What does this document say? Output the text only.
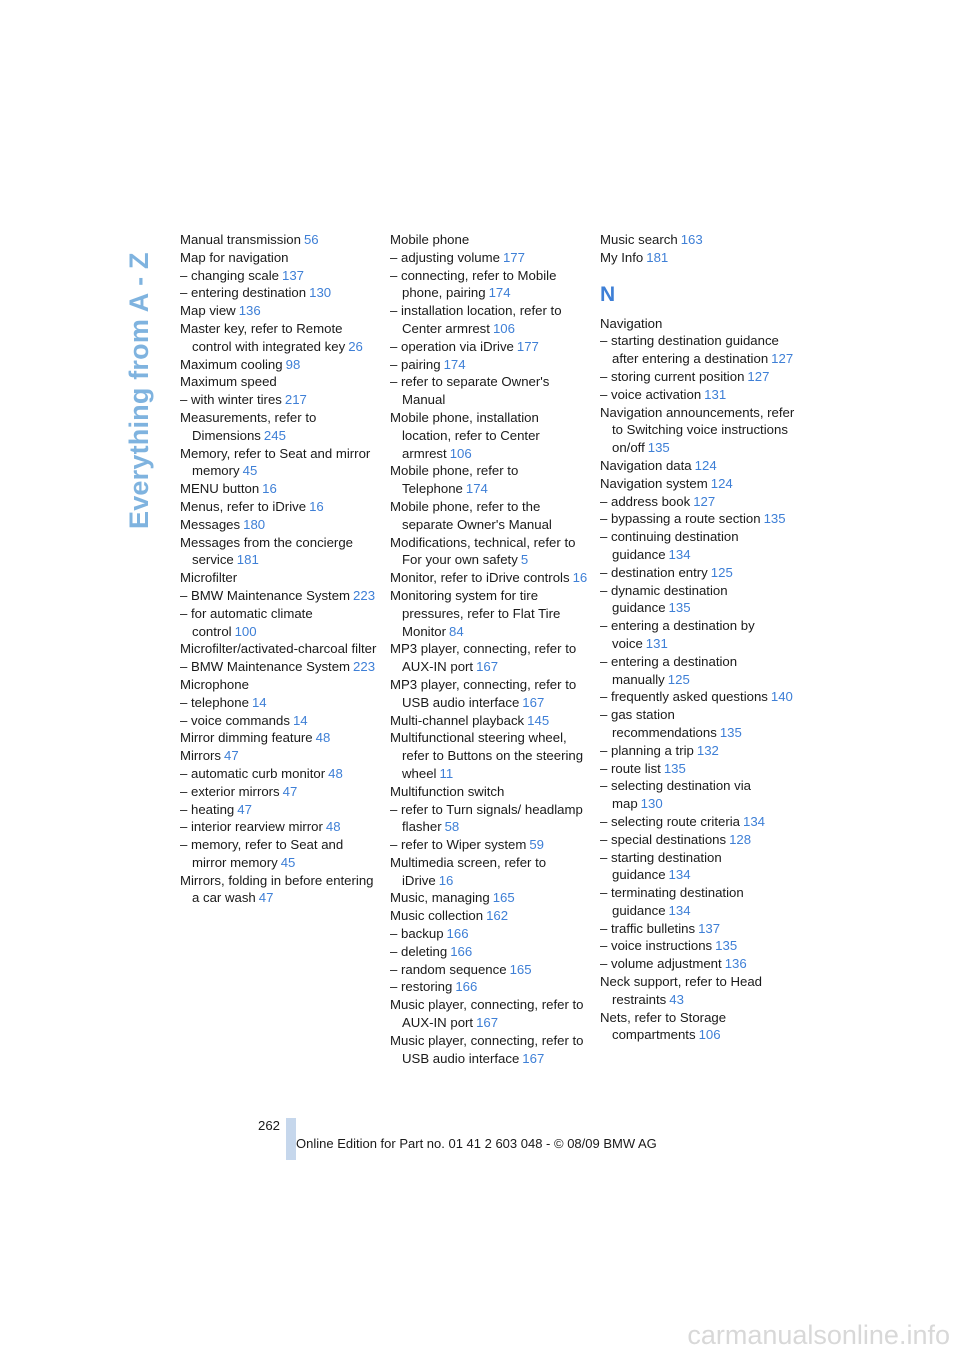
Everything from A - Z
Manual transmission 56
Map for navigation
– changing scale 137
– entering destination 130
Map view 136
Master key, refer to Remote control with integrated key 26
Maximum cooling 98
Maximum speed
– with winter tires 217
Measurements, refer to Dimensions 245
Memory, refer to Seat and mirror memory 45
MENU button 16
Menus, refer to iDrive 16
Messages 180
Messages from the concierge service 181
Microfilter
– BMW Maintenance System 223
– for automatic climate control 100
Microfilter/activated-charcoal filter
– BMW Maintenance System 223
Microphone
– telephone 14
– voice commands 14
Mirror dimming feature 48
Mirrors 47
– automatic curb monitor 48
– exterior mirrors 47
– heating 47
– interior rearview mirror 48
– memory, refer to Seat and mirror memory 45
Mirrors, folding in before entering a car wash 47
Mobile phone
– adjusting volume 177
– connecting, refer to Mobile phone, pairing 174
– installation location, refer to Center armrest 106
– operation via iDrive 177
– pairing 174
– refer to separate Owner's Manual
Mobile phone, installation location, refer to Center armrest 106
Mobile phone, refer to Telephone 174
Mobile phone, refer to the separate Owner's Manual
Modifications, technical, refer to For your own safety 5
Monitor, refer to iDrive controls 16
Monitoring system for tire pressures, refer to Flat Tire Monitor 84
MP3 player, connecting, refer to AUX-IN port 167
MP3 player, connecting, refer to USB audio interface 167
Multi-channel playback 145
Multifunctional steering wheel, refer to Buttons on the steering wheel 11
Multifunction switch
– refer to Turn signals/ headlamp flasher 58
– refer to Wiper system 59
Multimedia screen, refer to iDrive 16
Music, managing 165
Music collection 162
– backup 166
– deleting 166
– random sequence 165
– restoring 166
Music player, connecting, refer to AUX-IN port 167
Music player, connecting, refer to USB audio interface 167
Music search 163
My Info 181
N
Navigation
– starting destination guidance after entering a destination 127
– storing current position 127
– voice activation 131
Navigation announcements, refer to Switching voice instructions on/off 135
Navigation data 124
Navigation system 124
– address book 127
– bypassing a route section 135
– continuing destination guidance 134
– destination entry 125
– dynamic destination guidance 135
– entering a destination by voice 131
– entering a destination manually 125
– frequently asked questions 140
– gas station recommendations 135
– planning a trip 132
– route list 135
– selecting destination via map 130
– selecting route criteria 134
– special destinations 128
– starting destination guidance 134
– terminating destination guidance 134
– traffic bulletins 137
– voice instructions 135
– volume adjustment 136
Neck support, refer to Head restraints 43
Nets, refer to Storage compartments 106
262
Online Edition for Part no. 01 41 2 603 048 - © 08/09 BMW AG
carmanualsonline.info
